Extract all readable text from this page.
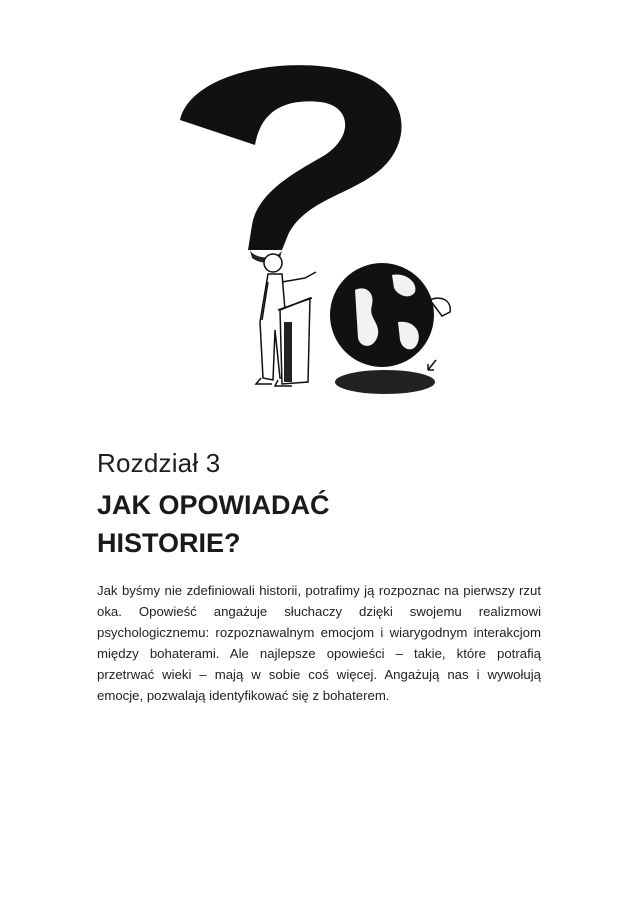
Rozdział 3
JAK OPOWIADAĆ
HISTORIE?

Jak byśmy nie zdefiniowali historii, potrafimy ją rozpoznac na pierwszy rzut oka. Opowieść angażuje słuchaczy dzięki swojemu realizmowi psychologicznemu: rozpoznawalnym emocjom i wiarygodnym interakcjom między bohaterami. Ale najlepsze opowieści – takie, które potrafią przetrwać wieki – mają w sobie coś więcej. Angażują nas i wywołują emocje, pozwalają identyfikować się z bohaterem.
